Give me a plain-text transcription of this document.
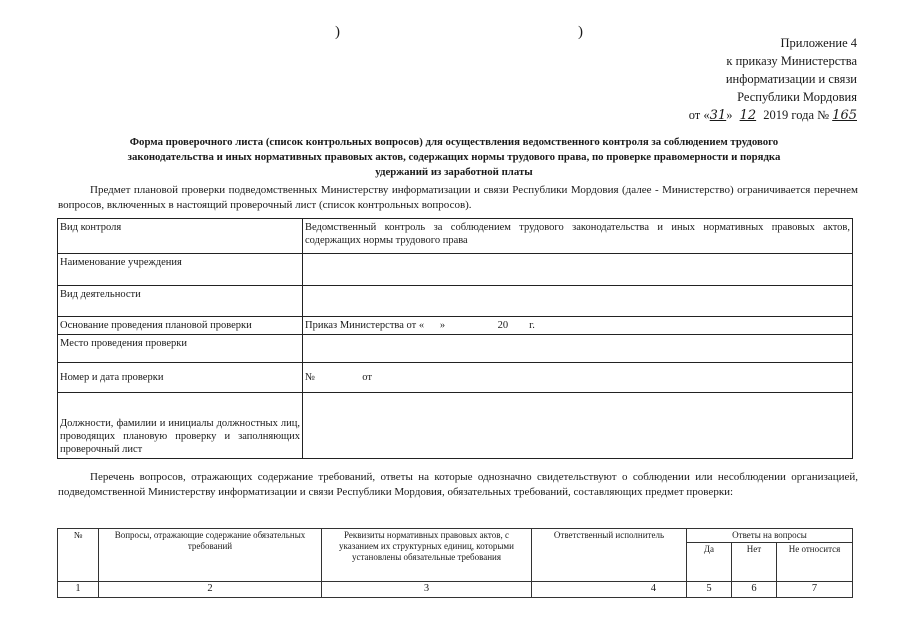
)	)
Приложение 4
к приказу Министерства
информатизации и связи
Республики Мордовия
от «31» 12 2019 года № 165
Форма проверочного листа (список контрольных вопросов) для осуществления ведомственного контроля за соблюдением трудового
законодательства и иных нормативных правовых актов, содержащих нормы трудового права, по проверке правомерности и порядка
удержаний из заработной платы
Предмет плановой проверки подведомственных Министерству информатизации и связи Республики Мордовия (далее - Министерство) ограничивается перечнем вопросов, включенных в настоящий проверочный лист (список контрольных вопросов).
Вид контроля	Ведомственный контроль за соблюдением трудового законодательства и иных нормативных правовых актов, содержащих нормы трудового права
Наименование учреждения	
Вид деятельности	
Основание проведения плановой проверки	Приказ Министерства от «      »                    20        г.
Место проведения проверки	
Номер и дата проверки	№                  от
Должности, фамилии и инициалы должностных лиц, проводящих плановую проверку и заполняющих проверочный лист	
Перечень вопросов, отражающих содержание требований, ответы на которые однозначно свидетельствуют о соблюдении или несоблюдении организацией, подведомственной Министерству информатизации и связи Республики Мордовия, обязательных требований, составляющих предмет проверки:
№	Вопросы, отражающие содержание обязательных требований	Реквизиты нормативных правовых актов, с указанием их структурных единиц, которыми установлены обязательные требования	Ответственный исполнитель	Ответы на вопросы		
				Да	Нет	Не относится
1	2	3	4	5	6	7
